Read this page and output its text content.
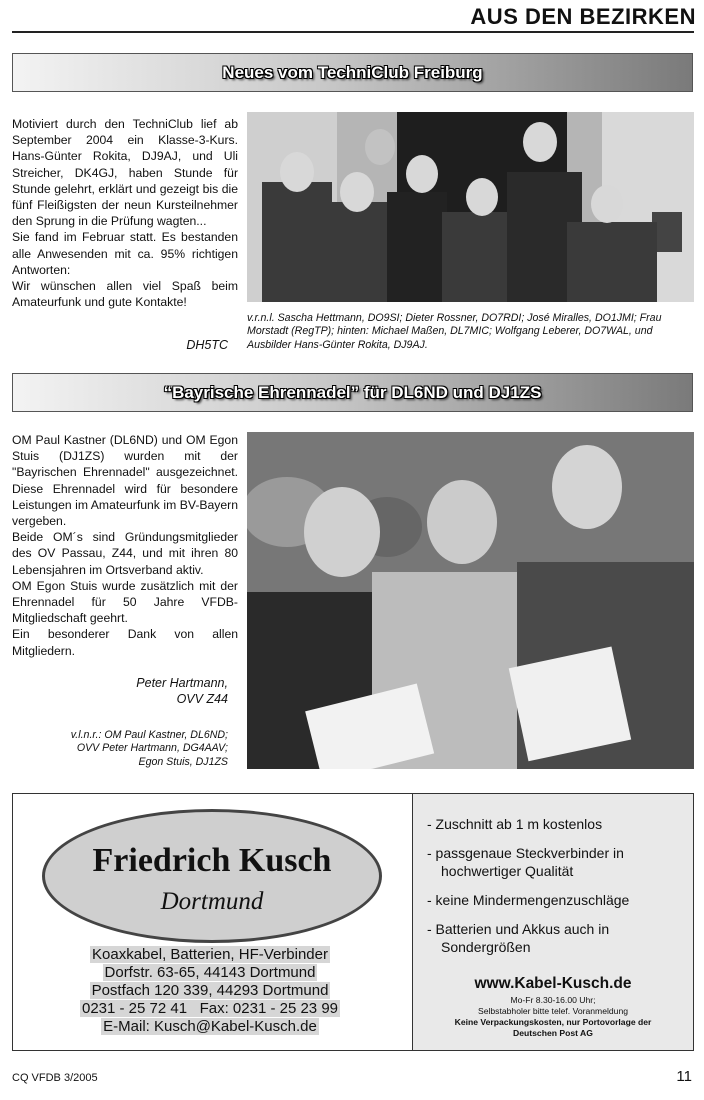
AUS DEN BEZIRKEN
Neues vom TechniClub Freiburg

Motiviert durch den TechniClub lief ab September 2004 ein Klasse-3-Kurs. Hans-Günter Rokita, DJ9AJ, und Uli Streicher, DK4GJ, haben Stunde für Stunde gelehrt, erklärt und gezeigt bis die fünf Fleißigsten der neun Kursteilnehmer den Sprung in die Prüfung wagten...

Sie fand im Februar statt. Es bestanden alle Anwesenden mit ca. 95% richtigen Antworten:

Wir wünschen allen viel Spaß beim Amateurfunk und gute Kontakte!

DH5TC
v.r.n.l. Sascha Hettmann, DO9SI; Dieter Rossner, DO7RDI; José Miralles, DO1JMI; Frau Morstadt (RegTP); hinten: Michael Maßen, DL7MIC; Wolfgang Leberer, DO7WAL, und Ausbilder Hans-Günter Rokita, DJ9AJ.
“Bayrische Ehrennadel” für DL6ND und DJ1ZS

OM Paul Kastner (DL6ND) und OM Egon Stuis (DJ1ZS) wurden mit der "Bayrischen Ehrennadel" ausgezeichnet. Diese Ehrennadel wird für besondere Leistungen im Amateurfunk im BV-Bayern vergeben.

Beide OM´s sind Gründungsmitglieder des OV Passau, Z44, und mit ihren 80 Lebensjahren im Ortsverband aktiv.

OM Egon Stuis wurde zusätzlich mit der Ehrennadel für 50 Jahre VFDB-Mitgliedschaft geehrt.

Ein besonderer Dank von allen Mitgliedern.

Peter Hartmann,
OVV Z44
v.l.n.r.: OM Paul Kastner, DL6ND;
OVV Peter Hartmann, DG4AAV;
Egon Stuis, DJ1ZS
Friedrich Kusch
Dortmund
Koaxkabel, Batterien, HF-Verbinder
Dorfstr. 63-65, 44143 Dortmund
Postfach 120 339, 44293 Dortmund
0231 - 25 72 41   Fax: 0231 - 25 23 99
E-Mail: Kusch@Kabel-Kusch.de
- Zuschnitt ab 1 m kostenlos
- passgenaue Steckverbinder in hochwertiger Qualität
- keine Mindermengenzuschläge
- Batterien und Akkus auch in Sondergrößen
www.Kabel-Kusch.de
Mo-Fr 8.30-16.00 Uhr;
Selbstabholer bitte telef. Voranmeldung
Keine Verpackungskosten, nur Portovorlage der
Deutschen Post AG
CQ VFDB 3/2005	11
